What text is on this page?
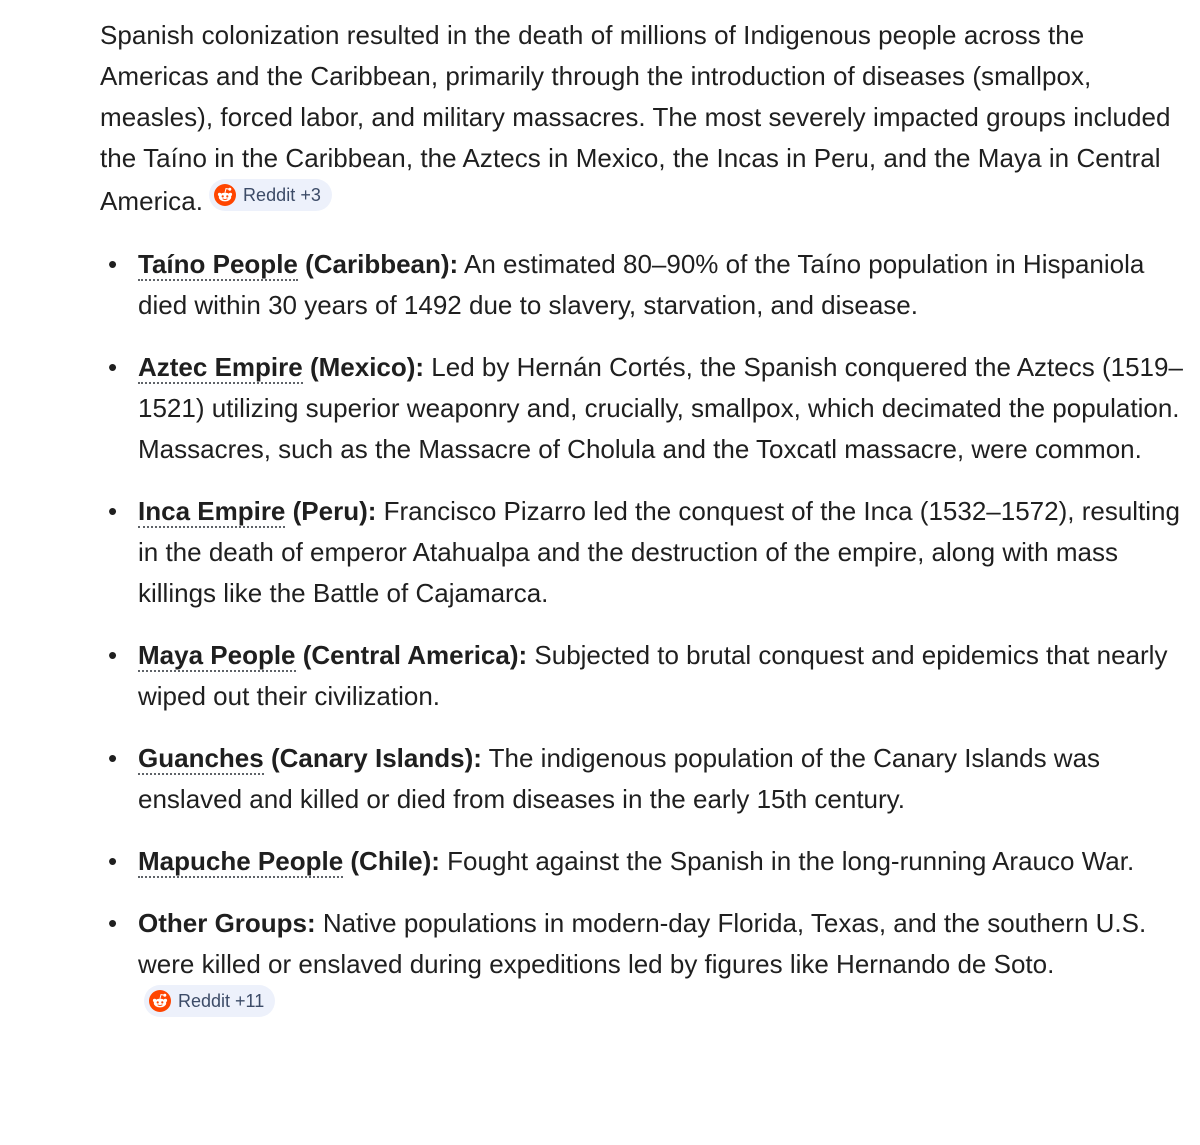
Spanish colonization resulted in the death of millions of Indigenous people across the Americas and the Caribbean, primarily through the introduction of diseases (smallpox, measles), forced labor, and military massacres. The most severely impacted groups included the Taíno in the Caribbean, the Aztecs in Mexico, the Incas in Peru, and the Maya in Central America. Reddit +3

• Taíno People (Caribbean): An estimated 80–90% of the Taíno population in Hispaniola died within 30 years of 1492 due to slavery, starvation, and disease.
• Aztec Empire (Mexico): Led by Hernán Cortés, the Spanish conquered the Aztecs (1519–1521) utilizing superior weaponry and, crucially, smallpox, which decimated the population. Massacres, such as the Massacre of Cholula and the Toxcatl massacre, were common.
• Inca Empire (Peru): Francisco Pizarro led the conquest of the Inca (1532–1572), resulting in the death of emperor Atahualpa and the destruction of the empire, along with mass killings like the Battle of Cajamarca.
• Maya People (Central America): Subjected to brutal conquest and epidemics that nearly wiped out their civilization.
• Guanches (Canary Islands): The indigenous population of the Canary Islands was enslaved and killed or died from diseases in the early 15th century.
• Mapuche People (Chile): Fought against the Spanish in the long-running Arauco War.
• Other Groups: Native populations in modern-day Florida, Texas, and the southern U.S. were killed or enslaved during expeditions led by figures like Hernando de Soto.
Reddit +11
